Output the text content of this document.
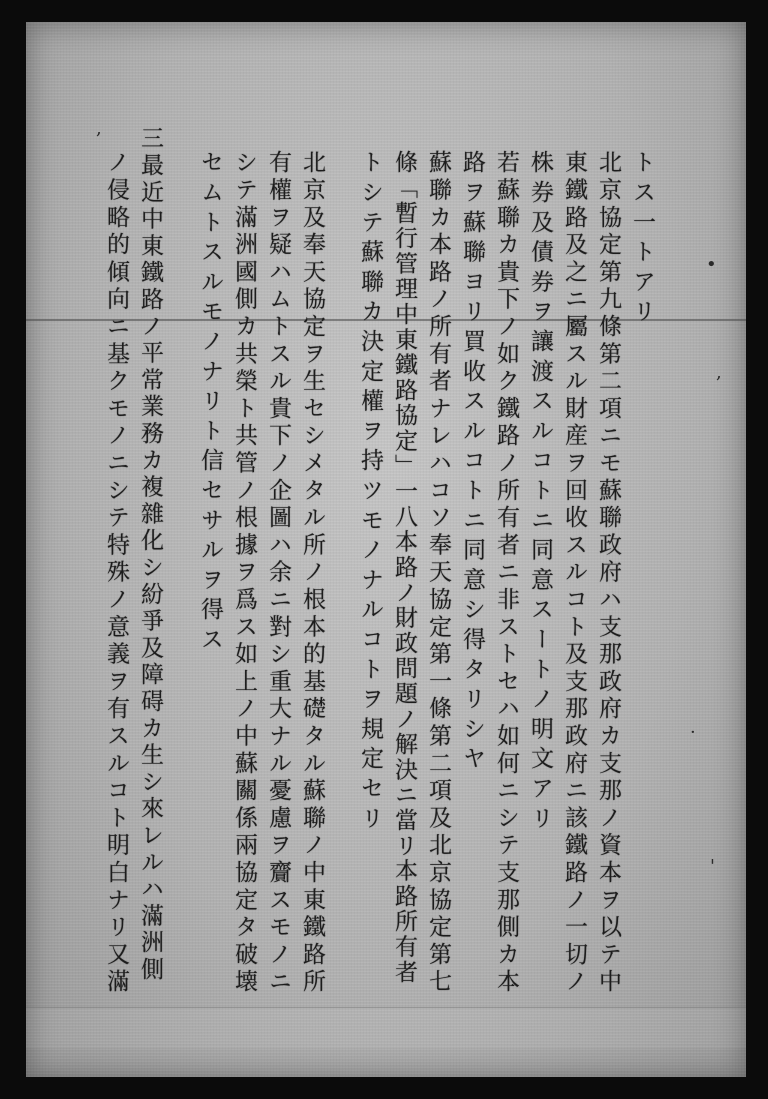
トス一トアリ
北京協定第九條第二項ニモ蘇聯政府ハ支那政府カ支那ノ資本ヲ以テ中
東鐵路及之ニ屬スル財産ヲ回收スルコト及支那政府ニ該鐵路ノ一切ノ
株券及債券ヲ讓渡スルコトニ同意スートノ明文アリ
若蘇聯カ貴下ノ如ク鐵路ノ所有者ニ非ストセハ如何ニシテ支那側カ本
路ヲ蘇聯ヨリ買收スルコトニ同意シ得タリシヤ
蘇聯カ本路ノ所有者ナレハコソ奉天協定第一條第二項及北京協定第七
條「暫行管理中東鐵路協定」一八本路ノ財政問題ノ解決ニ當リ本路所有者
トシテ蘇聯カ決定權ヲ持ツモノナルコトヲ規定セリ
北京及奉天協定ヲ生セシメタル所ノ根本的基礎タル蘇聯ノ中東鐵路所
有權ヲ疑ハムトスル貴下ノ企圖ハ余ニ對シ重大ナル憂慮ヲ齎スモノニ
シテ滿洲國側カ共榮ト共管ノ根據ヲ爲ス如上ノ中蘇關係兩協定タ破壊
セムトスルモノナリト信セサルヲ得ス
三最近中東鐵路ノ平常業務カ複雜化シ紛爭及障碍カ生シ來レルハ滿洲側
ノ侵略的傾向ニ基クモノニシテ特殊ノ意義ヲ有スルコト明白ナリ又滿	•
,
·
'
,
